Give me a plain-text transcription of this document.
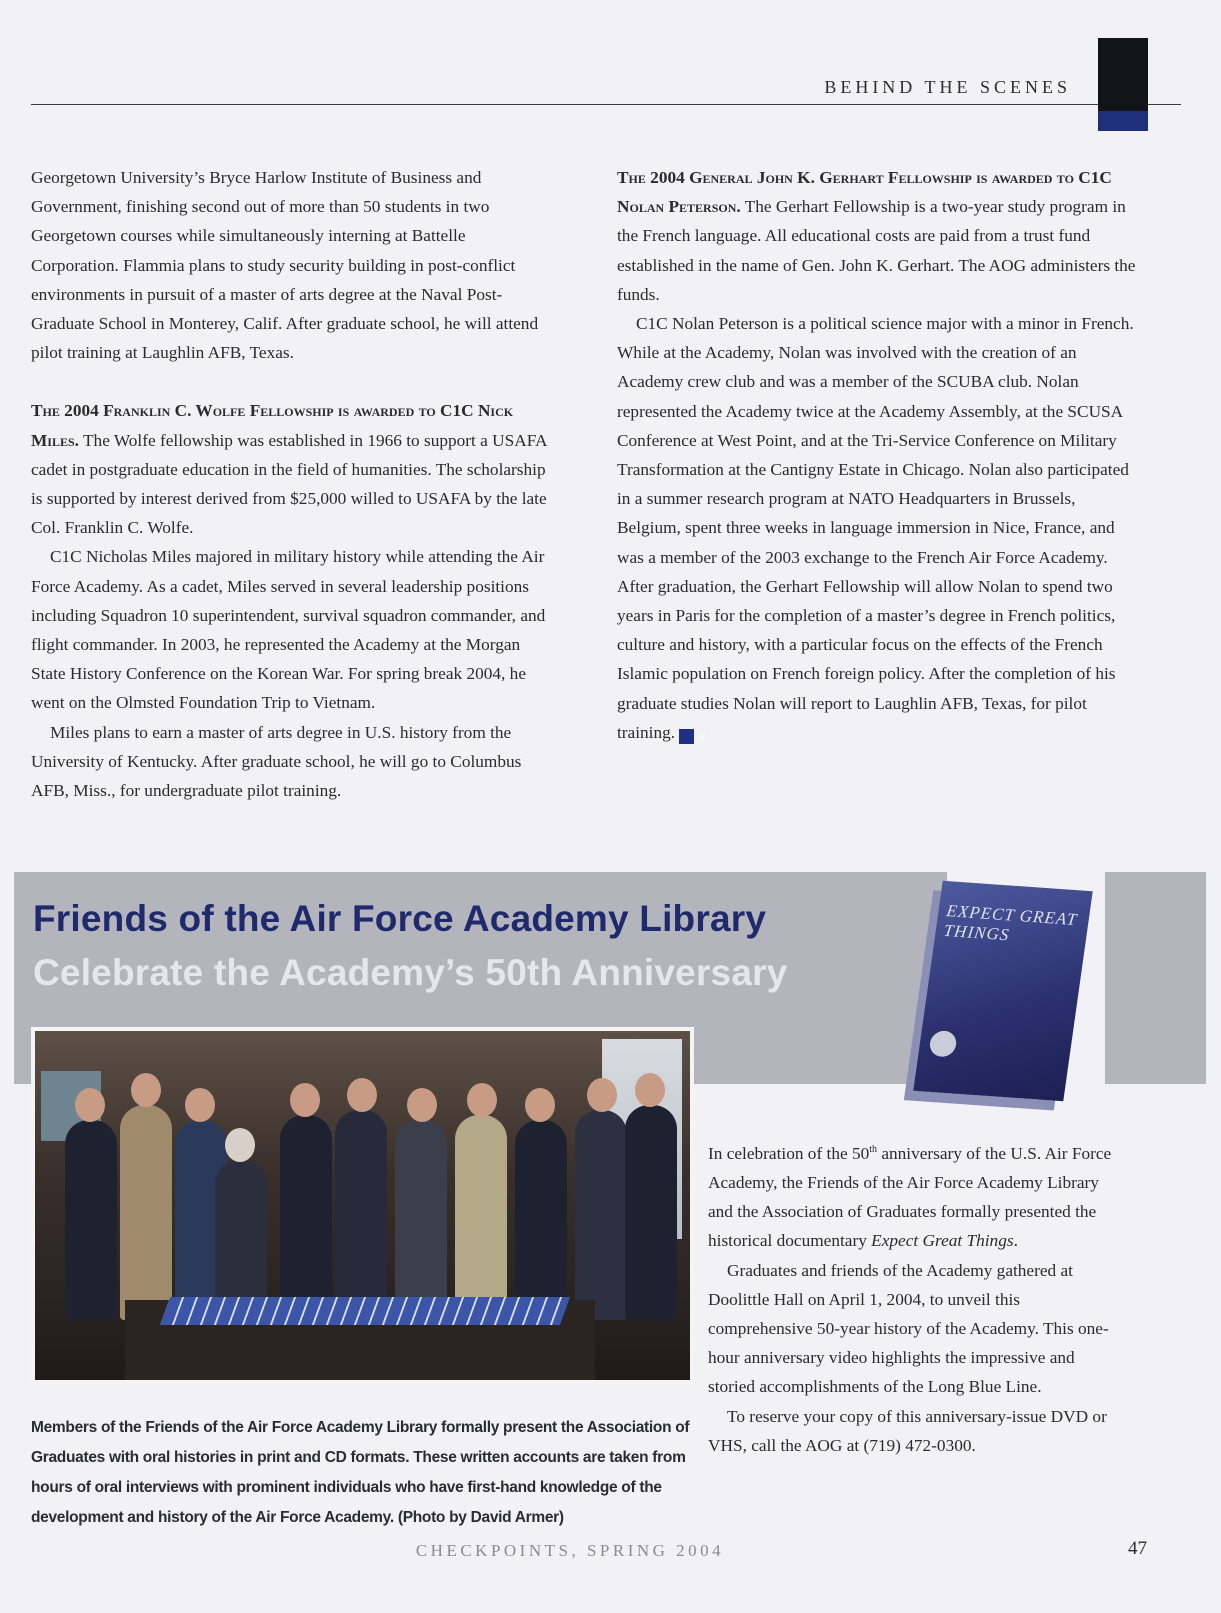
BEHIND THE SCENES

Georgetown University’s Bryce Harlow Institute of Business and Government, finishing second out of more than 50 students in two Georgetown courses while simultaneously interning at Battelle Corporation. Flammia plans to study security building in post-conflict environments in pursuit of a master of arts degree at the Naval Post-Graduate School in Monterey, Calif. After graduate school, he will attend pilot training at Laughlin AFB, Texas.

The 2004 Franklin C. Wolfe Fellowship is awarded to C1C Nick Miles. The Wolfe fellowship was established in 1966 to support a USAFA cadet in postgraduate education in the field of humanities. The scholarship is supported by interest derived from $25,000 willed to USAFA by the late Col. Franklin C. Wolfe.

C1C Nicholas Miles majored in military history while attending the Air Force Academy. As a cadet, Miles served in several leadership positions including Squadron 10 superintendent, survival squadron commander, and flight commander. In 2003, he represented the Academy at the Morgan State History Conference on the Korean War. For spring break 2004, he went on the Olmsted Foundation Trip to Vietnam.

Miles plans to earn a master of arts degree in U.S. history from the University of Kentucky. After graduate school, he will go to Columbus AFB, Miss., for undergraduate pilot training.

The 2004 General John K. Gerhart Fellowship is awarded to C1C Nolan Peterson. The Gerhart Fellowship is a two-year study program in the French language. All educational costs are paid from a trust fund established in the name of Gen. John K. Gerhart. The AOG administers the funds.

C1C Nolan Peterson is a political science major with a minor in French. While at the Academy, Nolan was involved with the creation of an Academy crew club and was a member of the SCUBA club. Nolan represented the Academy twice at the Academy Assembly, at the SCUSA Conference at West Point, and at the Tri-Service Conference on Military Transformation at the Cantigny Estate in Chicago. Nolan also participated in a summer research program at NATO Headquarters in Brussels, Belgium, spent three weeks in language immersion in Nice, France, and was a member of the 2003 exchange to the French Air Force Academy. After graduation, the Gerhart Fellowship will allow Nolan to spend two years in Paris for the completion of a master’s degree in French politics, culture and history, with a particular focus on the effects of the French Islamic population on French foreign policy. After the completion of his graduate studies Nolan will report to Laughlin AFB, Texas, for pilot training. ✓

Friends of the Air Force Academy Library
Celebrate the Academy’s 50th Anniversary
EXPECT GREAT THINGS
Members of the Friends of the Air Force Academy Library formally present the Association of Graduates with oral histories in print and CD formats. These written accounts are taken from hours of oral interviews with prominent individuals who have first-hand knowledge of the development and history of the Air Force Academy. (Photo by David Armer)

In celebration of the 50th anniversary of the U.S. Air Force Academy, the Friends of the Air Force Academy Library and the Association of Graduates formally presented the historical documentary Expect Great Things.

Graduates and friends of the Academy gathered at Doolittle Hall on April 1, 2004, to unveil this comprehensive 50-year history of the Academy. This one-hour anniversary video highlights the impressive and storied accomplishments of the Long Blue Line.

To reserve your copy of this anniversary-issue DVD or VHS, call the AOG at (719) 472-0300.

CHECKPOINTS, SPRING 2004	47
